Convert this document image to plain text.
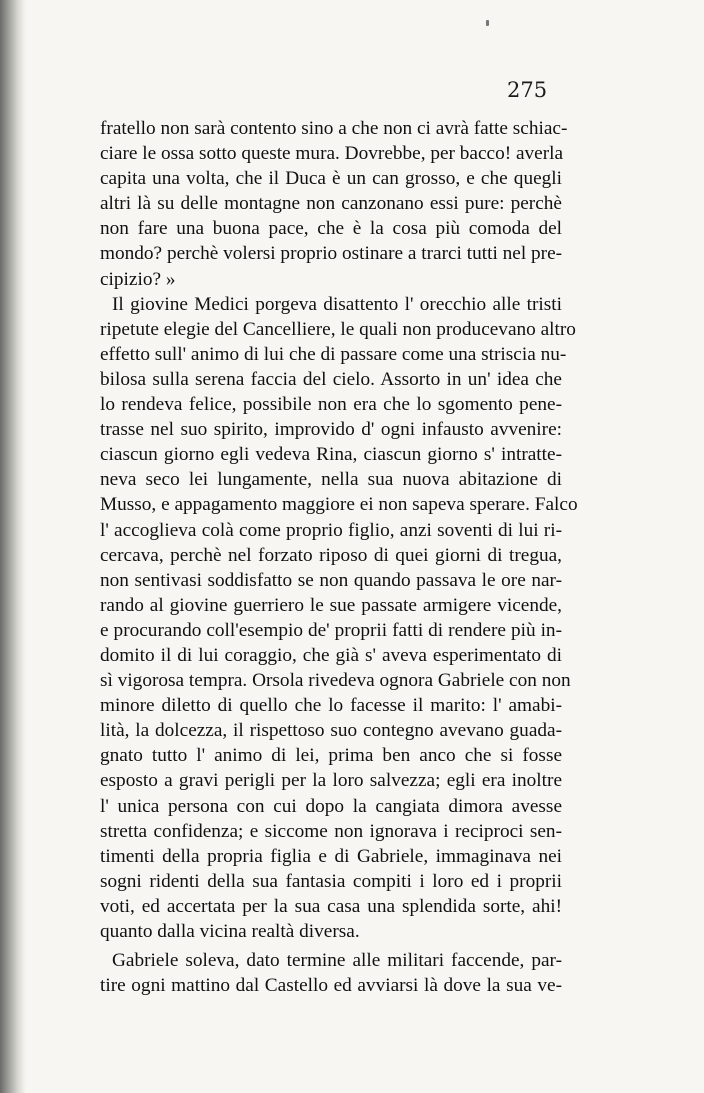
275
fratello non sarà contento sino a che non ci avrà fatte schiac-
ciare le ossa sotto queste mura. Dovrebbe, per bacco! averla
capita una volta, che il Duca è un can grosso, e che quegli
altri là su delle montagne non canzonano essi pure: perchè
non fare una buona pace, che è la cosa più comoda del
mondo? perchè volersi proprio ostinare a trarci tutti nel pre-
cipizio? »
Il giovine Medici porgeva disattento l' orecchio alle tristi
ripetute elegie del Cancelliere, le quali non producevano altro
effetto sull' animo di lui che di passare come una striscia nu-
bilosa sulla serena faccia del cielo. Assorto in un' idea che
lo rendeva felice, possibile non era che lo sgomento pene-
trasse nel suo spirito, improvido d' ogni infausto avvenire:
ciascun giorno egli vedeva Rina, ciascun giorno s' intratte-
neva seco lei lungamente, nella sua nuova abitazione di
Musso, e appagamento maggiore ei non sapeva sperare. Falco
l' accoglieva colà come proprio figlio, anzi soventi di lui ri-
cercava, perchè nel forzato riposo di quei giorni di tregua,
non sentivasi soddisfatto se non quando passava le ore nar-
rando al giovine guerriero le sue passate armigere vicende,
e procurando coll'esempio de' proprii fatti di rendere più in-
domito il di lui coraggio, che già s' aveva esperimentato di
sì vigorosa tempra. Orsola rivedeva ognora Gabriele con non
minore diletto di quello che lo facesse il marito: l' amabi-
lità, la dolcezza, il rispettoso suo contegno avevano guada-
gnato tutto l' animo di lei, prima ben anco che si fosse
esposto a gravi perigli per la loro salvezza; egli era inoltre
l' unica persona con cui dopo la cangiata dimora avesse
stretta confidenza; e siccome non ignorava i reciproci sen-
timenti della propria figlia e di Gabriele, immaginava nei
sogni ridenti della sua fantasia compiti i loro ed i proprii
voti, ed accertata per la sua casa una splendida sorte, ahi!
quanto dalla vicina realtà diversa.
Gabriele soleva, dato termine alle militari faccende, par-
tire ogni mattino dal Castello ed avviarsi là dove la sua ve-
